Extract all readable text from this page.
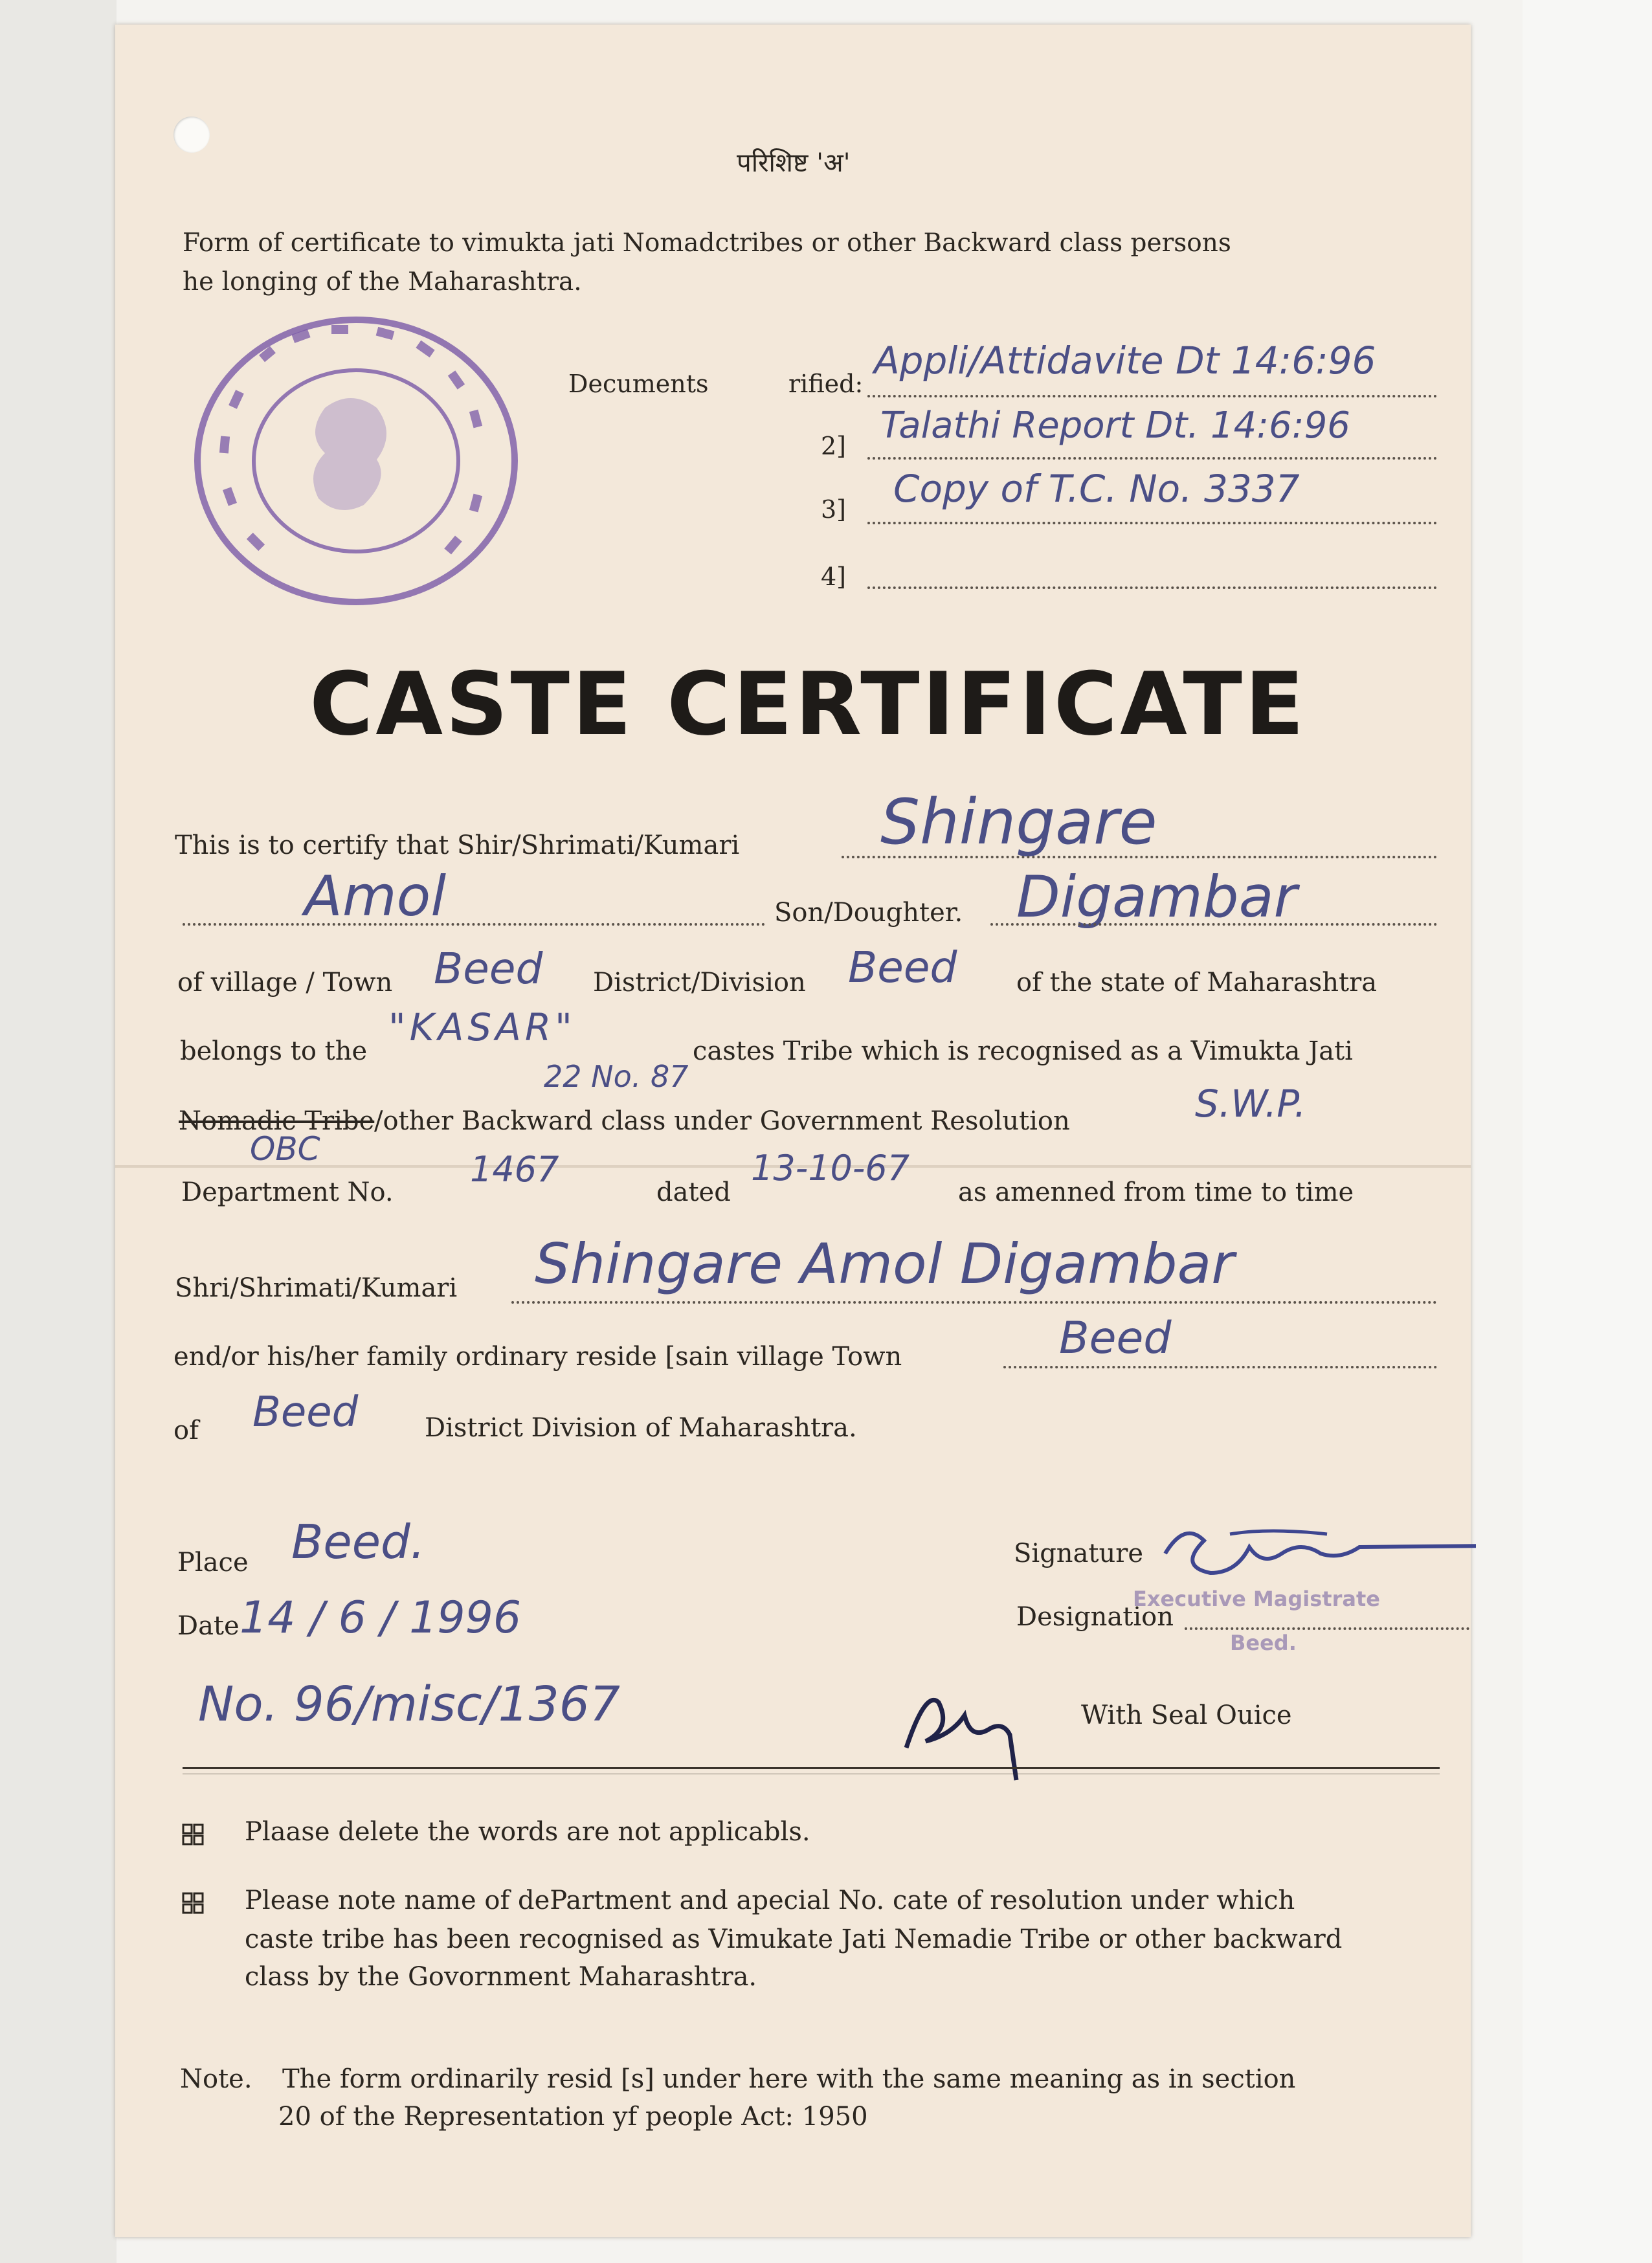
परिशिष्ट 'अ'
Form of certificate to vimukta jati Nomadctribes or other Backward class persons
he longing of the Maharashtra.
Decuments	rified:
Appli/Attidavite Dt 14:6:96
2] Talathi Report Dt. 14:6:96
3] Copy of T.C. No. 3337
4]
CASTE CERTIFICATE
This is to certify that Shir/Shrimati/Kumari Shingare
Amol	Son/Doughter. Digambar
of village / Town Beed District/Division Beed of the state of Maharashtra
belongs to the
"KASAR"
castes Tribe which is recognised as a Vimukta Jati
22 No. 87
Nomadic Tribe /other Backward class under Government Resolution	S.W.P.
OBC
Department No.
1467
dated
13-10-67
as amenned from time to time
Shri/Shrimati/Kumari Shingare Amol Digambar
end/or his/her family ordinary reside [sain village Town	Beed
of Beed	District Division of Maharashtra.
Place Beed.	Signature
Date 14 / 6 / 1996	Designation
Executive Magistrate
Beed.
No. 96/misc/1367	With Seal Ouice
Plaase delete the words are not applicabls.
Please note name of dePartment and apecial No. cate of resolution under which
caste tribe has been recognised as Vimukate Jati Nemadie Tribe or other backward
class by the Govornment Maharashtra.
Note. The form ordinarily resid [s] under here with the same meaning as in section
20 of the Representation yf people Act: 1950
